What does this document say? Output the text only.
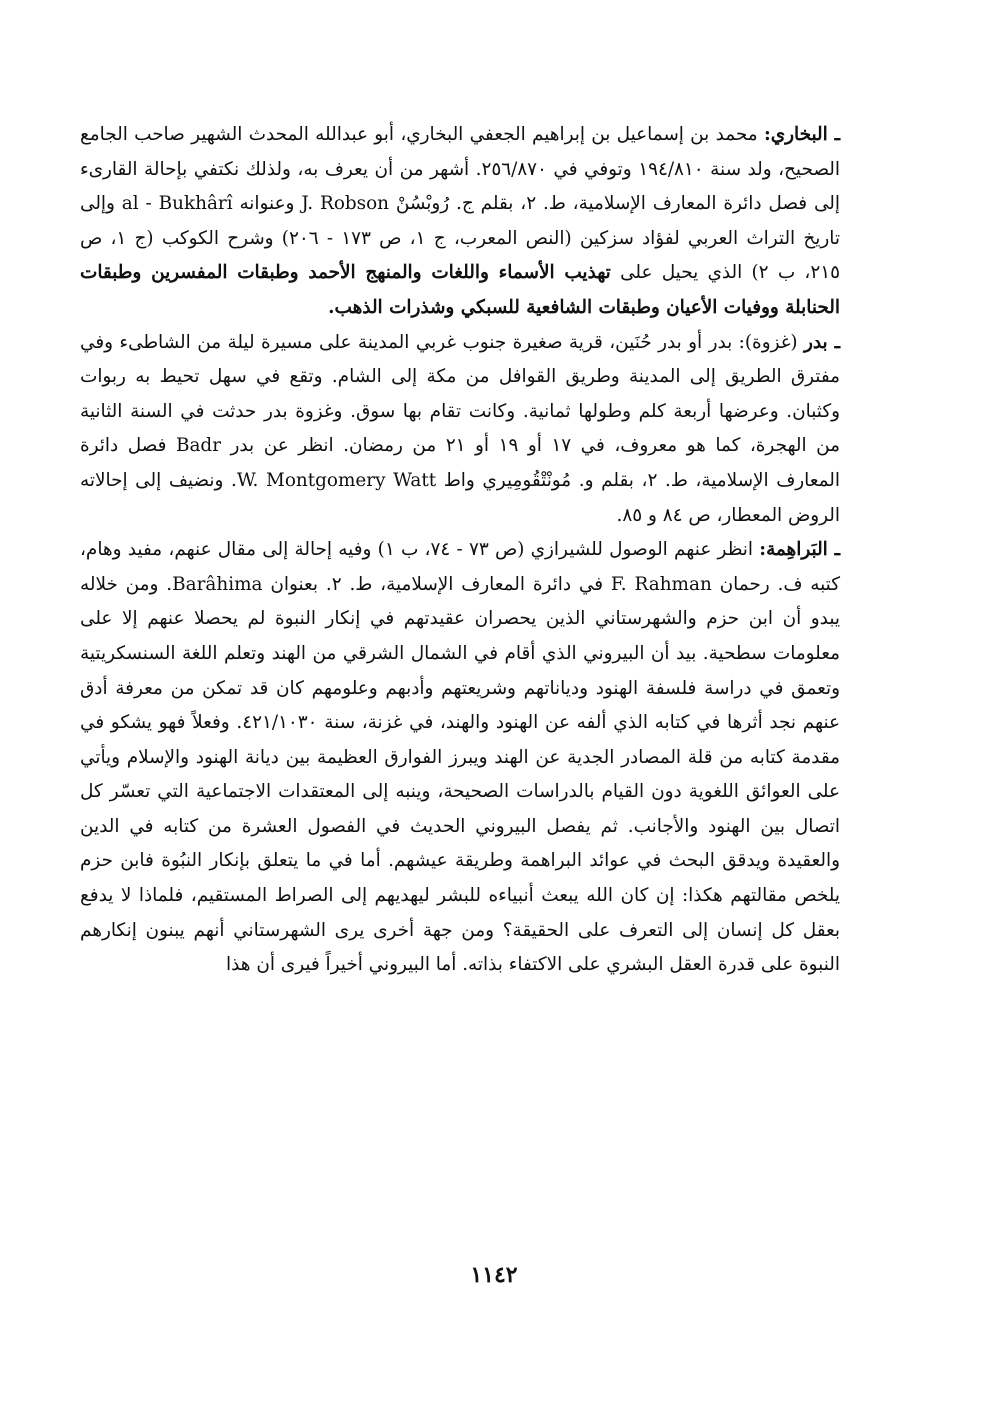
ـ البخاري: محمد بن إسماعيل بن إبراهيم الجعفي البخاري، أبو عبدالله المحدث الشهير صاحب الجامع الصحيح، ولد سنة ١٩٤/٨١٠ وتوفي في ٢٥٦/٨٧٠. أشهر من أن يعرف به، ولذلك نكتفي بإحالة القارىء إلى فصل دائرة المعارف الإسلامية، ط. ٢، بقلم ج. رُوبْسُنْ J. Robson وعنوانه al - Bukhârî وإلى تاريخ التراث العربي لفؤاد سزكين (النص المعرب، ج ١، ص ١٧٣ - ٢٠٦) وشرح الكوكب (ج ١، ص ٢١٥، ب ٢) الذي يحيل على تهذيب الأسماء واللغات والمنهج الأحمد وطبقات المفسرين وطبقات الحنابلة ووفيات الأعيان وطبقات الشافعية للسبكي وشذرات الذهب.

ـ بدر (غزوة): بدر أو بدر حُنَين، قرية صغيرة جنوب غربي المدينة على مسيرة ليلة من الشاطىء وفي مفترق الطريق إلى المدينة وطريق القوافل من مكة إلى الشام. وتقع في سهل تحيط به ربوات وكثبان. وعرضها أربعة كلم وطولها ثمانية. وكانت تقام بها سوق. وغزوة بدر حدثت في السنة الثانية من الهجرة، كما هو معروف، في ١٧ أو ١٩ أو ٢١ من رمضان. انظر عن بدر Badr فصل دائرة المعارف الإسلامية، ط. ٢، بقلم و. مُونْتْقُومِيري واط W. Montgomery Watt. ونضيف إلى إحالاته الروض المعطار، ص ٨٤ و ٨٥.

ـ البَراهِمة: انظر عنهم الوصول للشيرازي (ص ٧٣ - ٧٤، ب ١) وفيه إحالة إلى مقال عنهم، مفيد وهام، كتبه ف. رحمان F. Rahman في دائرة المعارف الإسلامية، ط. ٢. بعنوان Barâhima. ومن خلاله يبدو أن ابن حزم والشهرستاني الذين يحصران عقيدتهم في إنكار النبوة لم يحصلا عنهم إلا على معلومات سطحية. بيد أن البيروني الذي أقام في الشمال الشرقي من الهند وتعلم اللغة السنسكريتية وتعمق في دراسة فلسفة الهنود ودياناتهم وشريعتهم وأدبهم وعلومهم كان قد تمكن من معرفة أدق عنهم نجد أثرها في كتابه الذي ألفه عن الهنود والهند، في غزنة، سنة ٤٢١/١٠٣٠. وفعلاً فهو يشكو في مقدمة كتابه من قلة المصادر الجدية عن الهند ويبرز الفوارق العظيمة بين ديانة الهنود والإسلام ويأتي على العوائق اللغوية دون القيام بالدراسات الصحيحة، وينبه إلى المعتقدات الاجتماعية التي تعسّر كل اتصال بين الهنود والأجانب. ثم يفصل البيروني الحديث في الفصول العشرة من كتابه في الدين والعقيدة ويدقق البحث في عوائد البراهمة وطريقة عيشهم. أما في ما يتعلق بإنكار النبُوة فابن حزم يلخص مقالتهم هكذا: إن كان الله يبعث أنبياءه للبشر ليهديهم إلى الصراط المستقيم، فلماذا لا يدفع بعقل كل إنسان إلى التعرف على الحقيقة؟ ومن جهة أخرى يرى الشهرستاني أنهم يبنون إنكارهم النبوة على قدرة العقل البشري على الاكتفاء بذاته. أما البيروني أخيراً فيرى أن هذا

١١٤٢
